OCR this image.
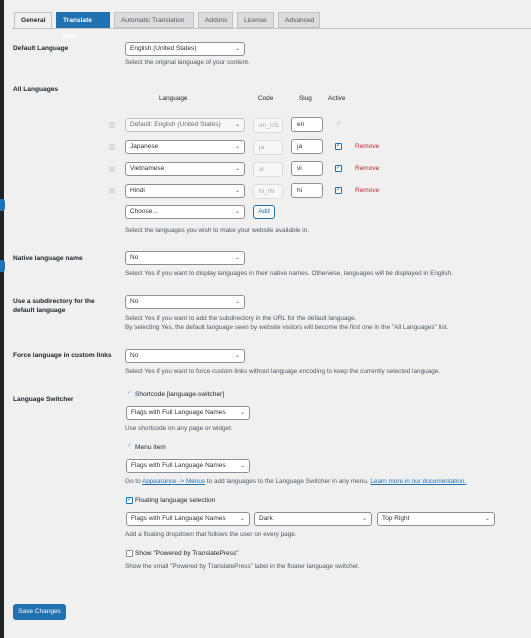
General	Translate Site
Automatic Translation	Addons	License	Advanced
Default Language	English (United States)	⌄
Select the original language of your content.
All Languages
Language	Code	Slug	Active
Default: English (United States) ⌄	en_US	en	✓
Japanese	⌄	ja	ja	✓ Remove
Vietnamese	⌄	vi	vi	✓ Remove
Hindi	⌄	hi_IN	hi	✓ Remove
Choose...	⌄	Add
Select the languages you wish to make your website available in.
Native language name	No	⌄
Select Yes if you want to display languages in their native names. Otherwise, languages will be displayed in English.
Use a subdirectory for the
default language
No	⌄
Select Yes if you want to add the subdirectory in the URL for the default language.
By selecting Yes, the default language seen by website visitors will become the first one in the "All Languages" list.
Force language in custom links	No	⌄
Select Yes if you want to force custom links without language encoding to keep the currently selected language.
Language Switcher
✓ Shortcode [language-switcher]
Flags with Full Language Names ⌄
Use shortcode on any page or widget.
✓ Menu item
Flags with Full Language Names ⌄
Go to Appearance -> Menus to add languages to the Language Switcher in any menu. Learn more in our documentation.
✓ Floating language selection
Flags with Full Language Names ⌄	Dark	⌄	Top Right	⌄
Add a floating dropdown that follows the user on every page.
Show "Powered by TranslatePress"
Show the small "Powered by TranslatePress" label in the floater language switcher.
Save Changes
